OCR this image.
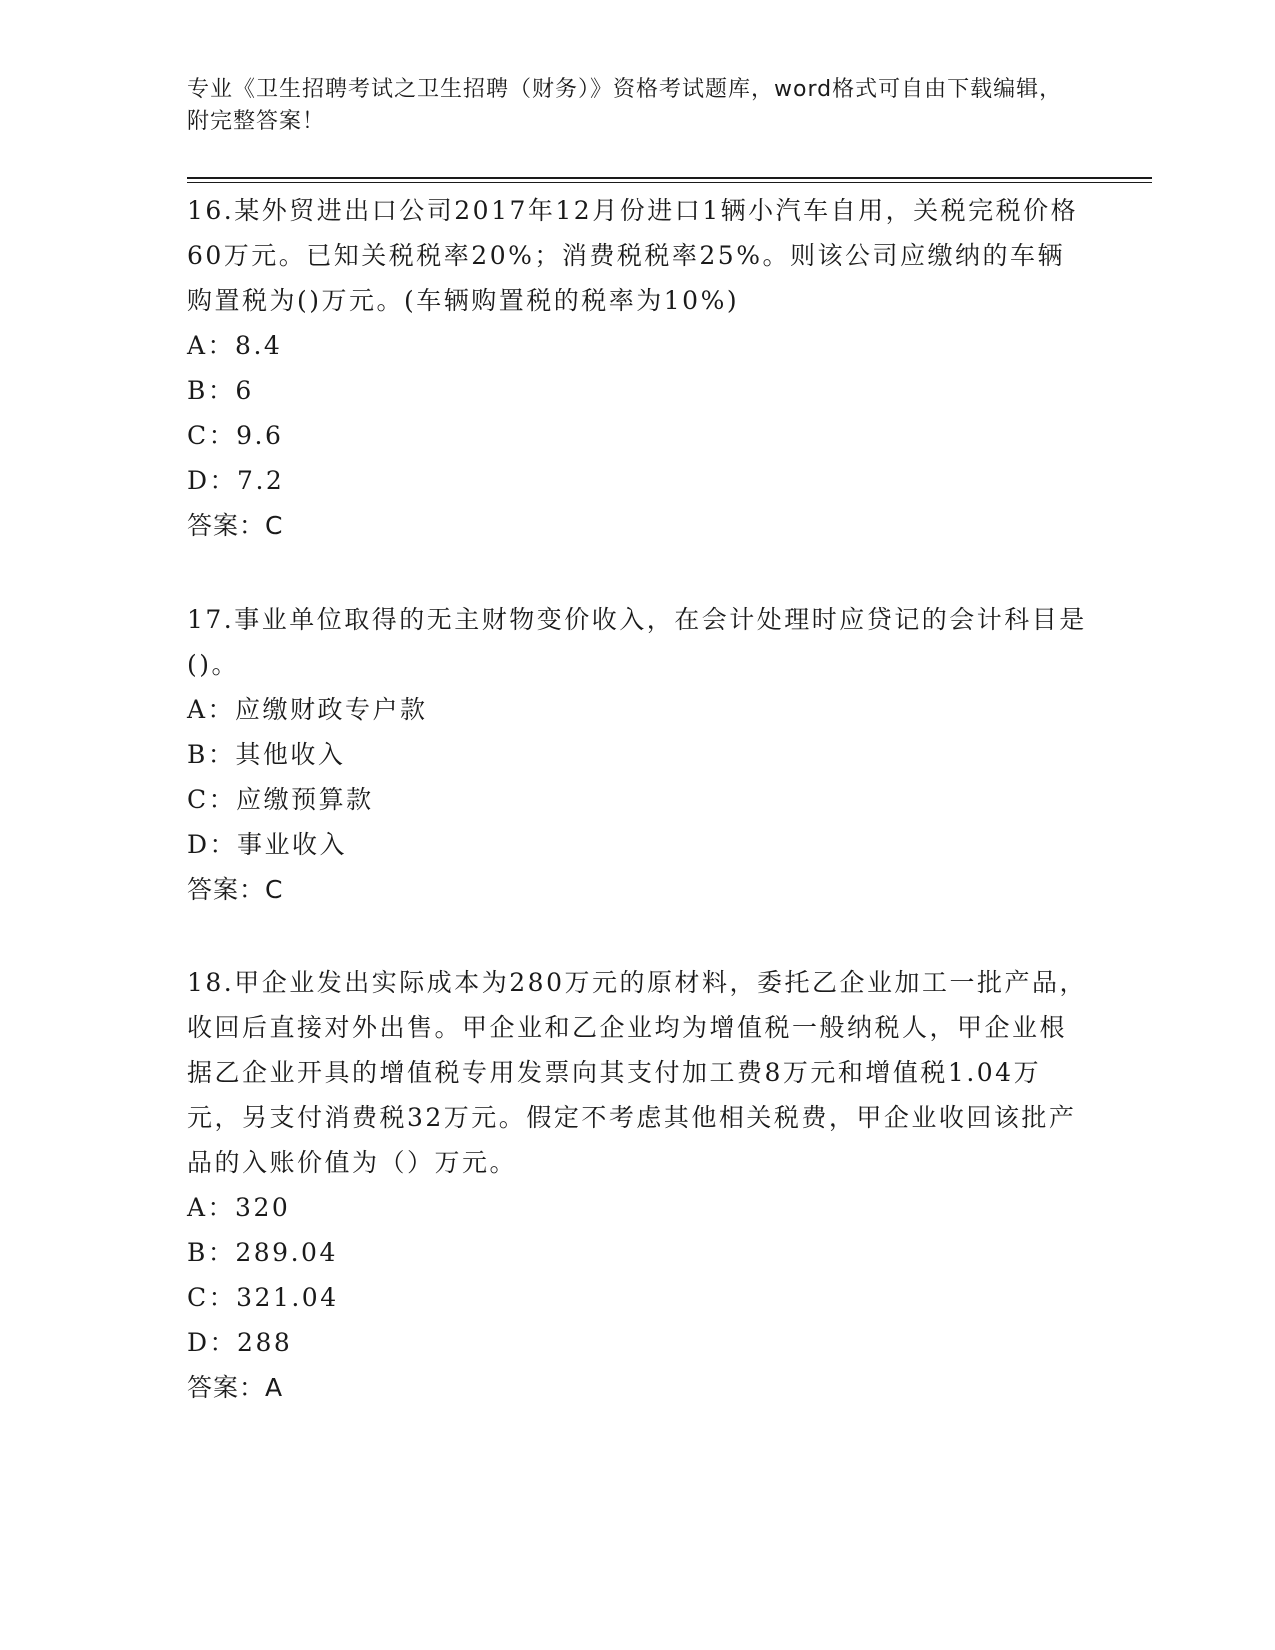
专业《卫生招聘考试之卫生招聘（财务）》资格考试题库，word格式可自由下载编辑，附完整答案！

16.某外贸进出口公司2017年12月份进口1辆小汽车自用，关税完税价格60万元。已知关税税率20%；消费税税率25%。则该公司应缴纳的车辆购置税为()万元。(车辆购置税的税率为10%)

A：8.4

B：6

C：9.6

D：7.2

答案：C

17.事业单位取得的无主财物变价收入，在会计处理时应贷记的会计科目是()。

A：应缴财政专户款

B：其他收入

C：应缴预算款

D：事业收入

答案：C

18.甲企业发出实际成本为280万元的原材料，委托乙企业加工一批产品，收回后直接对外出售。甲企业和乙企业均为增值税一般纳税人，甲企业根据乙企业开具的增值税专用发票向其支付加工费8万元和增值税1.04万元，另支付消费税32万元。假定不考虑其他相关税费，甲企业收回该批产品的入账价值为（）万元。

A：320

B：289.04

C：321.04

D：288

答案：A
